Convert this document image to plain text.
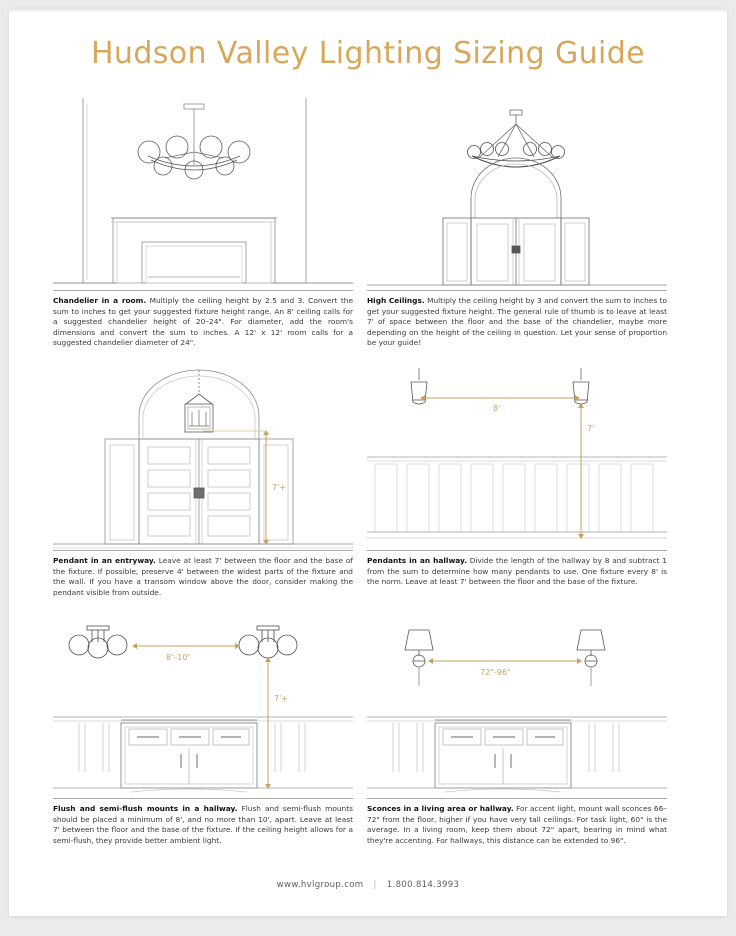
Hudson Valley Lighting Sizing Guide
Chandelier in a room. Multiply the ceiling height by 2.5 and 3. Convert the sum to inches to get your suggested fixture height range. An 8' ceiling calls for a suggested chandelier height of 20–24". For diameter, add the room's dimensions and convert the sum to inches. A 12' x 12' room calls for a suggested chandelier diameter of 24".
High Ceilings. Multiply the ceiling height by 3 and convert the sum to inches to get your suggested fixture height. The general rule of thumb is to leave at least 7' of space between the floor and the base of the chandelier, maybe more depending on the height of the ceiling in question. Let your sense of proportion be your guide!
7'+
Pendant in an entryway. Leave at least 7' between the floor and the base of the fixture. If possible, preserve 4' between the widest parts of the fixture and the wall. If you have a transom window above the door, consider making the pendant visible from outside.
8'
7'
Pendants in an hallway. Divide the length of the hallway by 8 and subtract 1 from the sum to determine how many pendants to use. One fixture every 8' is the norm. Leave at least 7' between the floor and the base of the fixture.
8'–10'
7'+
Flush and semi-flush mounts in a hallway. Flush and semi-flush mounts should be placed a minimum of 8', and no more than 10', apart. Leave at least 7' between the floor and the base of the fixture. If the ceiling height allows for a semi-flush, they provide better ambient light.
72"-96"
Sconces in a living area or hallway. For accent light, mount wall sconces 66–72" from the floor, higher if you have very tall ceilings. For task light, 60" is the average. In a living room, keep them about 72" apart, bearing in mind what they're accenting. For hallways, this distance can be extended to 96".
www.hvlgroup.com | 1.800.814.3993
